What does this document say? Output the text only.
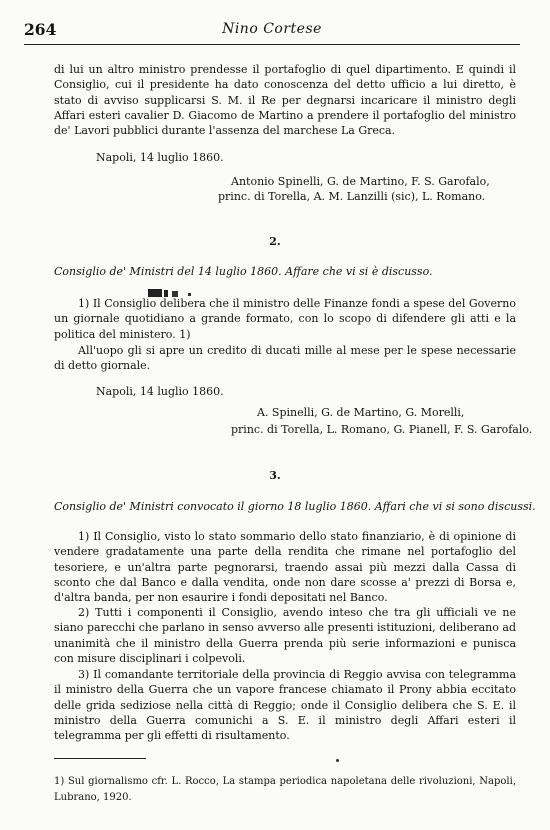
264	Nino Cortese

di lui un altro ministro prendesse il portafoglio di quel dipartimento. E quindi il Consiglio, cui il presidente ha dato conoscenza del detto ufficio a lui diretto, è stato di avviso supplicarsi S. M. il Re per degnarsi incaricare il ministro degli Affari esteri cavalier D. Giacomo de Martino a prendere il portafoglio del ministro de' Lavori pubblici durante l'assenza del marchese La Greca.

Napoli, 14 luglio 1860.
Antonio Spinelli, G. de Martino, F. S. Garofalo,
princ. di Torella, A. M. Lanzilli (sic), L. Romano.
2.
Consiglio de' Ministri del 14 luglio 1860. Affare che vi si è discusso.

1) Il Consiglio delibera che il ministro delle Finanze fondi a spese del Governo un giornale quotidiano a grande formato, con lo scopo di difendere gli atti e la politica del ministero. 1)

All'uopo gli si apre un credito di ducati mille al mese per le spese necessarie di detto giornale.

Napoli, 14 luglio 1860.
A. Spinelli, G. de Martino, G. Morelli,
princ. di Torella, L. Romano, G. Pianell, F. S. Garofalo.
3.
Consiglio de' Ministri convocato il giorno 18 luglio 1860. Affari che vi si sono discussi.

1) Il Consiglio, visto lo stato sommario dello stato finanziario, è di opinione di vendere gradatamente una parte della rendita che rimane nel portafoglio del tesoriere, e un'altra parte pegnorarsi, traendo assai più mezzi dalla Cassa di sconto che dal Banco e dalla vendita, onde non dare scosse a' prezzi di Borsa e, d'altra banda, per non esaurire i fondi depositati nel Banco.

2) Tutti i componenti il Consiglio, avendo inteso che tra gli ufficiali ve ne siano parecchi che parlano in senso avverso alle presenti istituzioni, deliberano ad unanimità che il ministro della Guerra prenda più serie informazioni e punisca con misure disciplinari i colpevoli.

3) Il comandante territoriale della provincia di Reggio avvisa con telegramma il ministro della Guerra che un vapore francese chiamato il Prony abbia eccitato delle grida sediziose nella città di Reggio; onde il Consiglio delibera che S. E. il ministro della Guerra comunichi a S. E. il ministro degli Affari esteri il telegramma per gli effetti di risultamento.

1) Sul giornalismo cfr. L. Rocco, La stampa periodica napoletana delle rivoluzioni, Napoli, Lubrano, 1920.
